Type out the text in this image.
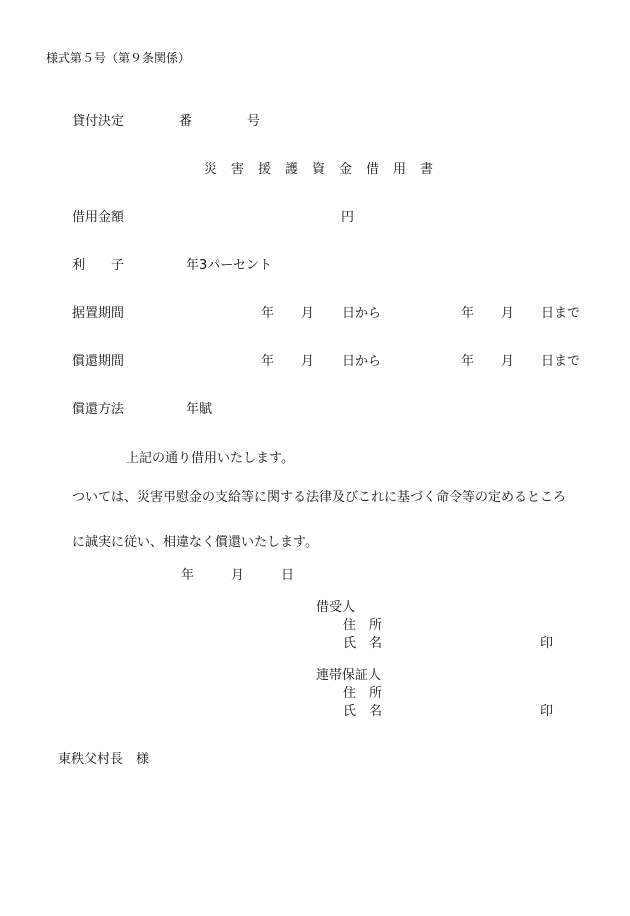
様式第５号（第９条関係）
貸付決定	番	号
災害援護資金借用書
借用金額	円
利　　子	年3パーセント
据置期間	年 月 日から	年 月 日まで
償還期間	年 月 日から	年 月 日まで
償還方法	年賦
上記の通り借用いたします。
ついては、災害弔慰金の支給等に関する法律及びこれに基づく命令等の定めるところ
に誠実に従い、相違なく償還いたします。
年	月	日
借受人
住　所
氏　名	印
連帯保証人
住　所
氏　名	印
東秩父村長　様
